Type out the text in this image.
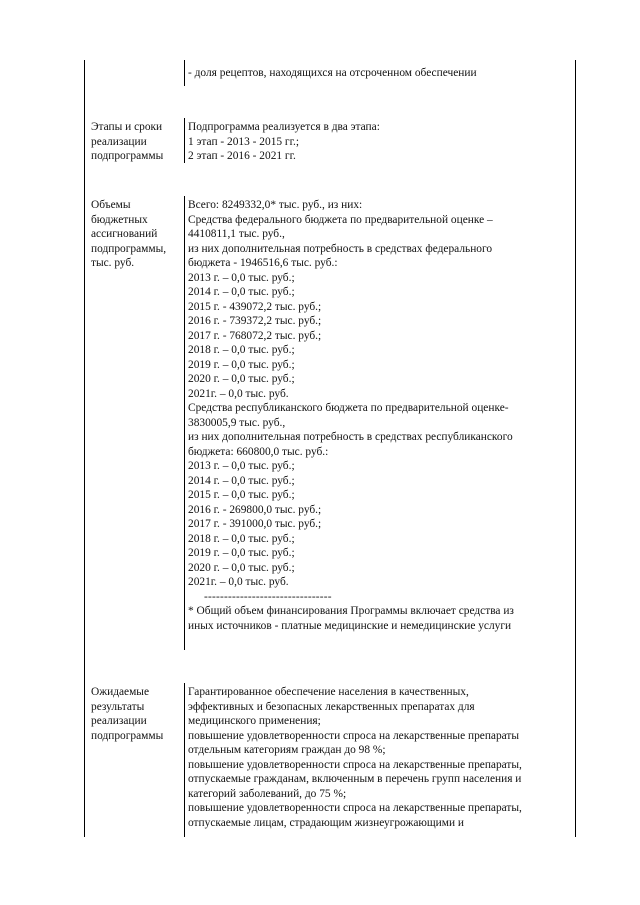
- доля рецептов, находящихся на отсроченном обеспечении
Этапы и сроки
реализации
подпрограммы
Подпрограмма реализуется в два этапа:
1 этап - 2013 - 2015 гг.;
2 этап - 2016 - 2021 гг.
Объемы
бюджетных
ассигнований
подпрограммы,
тыс. руб.
Всего: 8249332,0* тыс. руб., из них:
Средства федерального бюджета по предварительной оценке –
4410811,1 тыс. руб.,
из них дополнительная потребность в средствах федерального
бюджета - 1946516,6 тыс. руб.:
2013 г. – 0,0 тыс. руб.;
2014 г. – 0,0 тыс. руб.;
2015 г. - 439072,2 тыс. руб.;
2016 г. - 739372,2 тыс. руб.;
2017 г. - 768072,2 тыс. руб.;
2018 г. – 0,0 тыс. руб.;
2019 г. – 0,0 тыс. руб.;
2020 г. – 0,0 тыс. руб.;
2021г. – 0,0 тыс. руб.
Средства республиканского бюджета по предварительной оценке-
3830005,9 тыс. руб.,
из них дополнительная потребность в средствах республиканского
бюджета: 660800,0 тыс. руб.:
2013 г. – 0,0 тыс. руб.;
2014 г. – 0,0 тыс. руб.;
2015 г. – 0,0 тыс. руб.;
2016 г. - 269800,0 тыс. руб.;
2017 г. - 391000,0 тыс. руб.;
2018 г. – 0,0 тыс. руб.;
2019 г. – 0,0 тыс. руб.;
2020 г. – 0,0 тыс. руб.;
2021г. – 0,0 тыс. руб.
--------------------------------
* Общий объем финансирования Программы включает средства из
иных источников - платные медицинские и немедицинские услуги
Ожидаемые
результаты
реализации
подпрограммы
Гарантированное обеспечение населения в качественных,
эффективных и безопасных лекарственных препаратах для
медицинского применения;
повышение удовлетворенности спроса на лекарственные препараты
отдельным категориям граждан до 98 %;
повышение удовлетворенности спроса на лекарственные препараты,
отпускаемые гражданам, включенным в перечень групп населения и
категорий заболеваний, до 75 %;
повышение удовлетворенности спроса на лекарственные препараты,
отпускаемые лицам, страдающим жизнеугрожающими и
